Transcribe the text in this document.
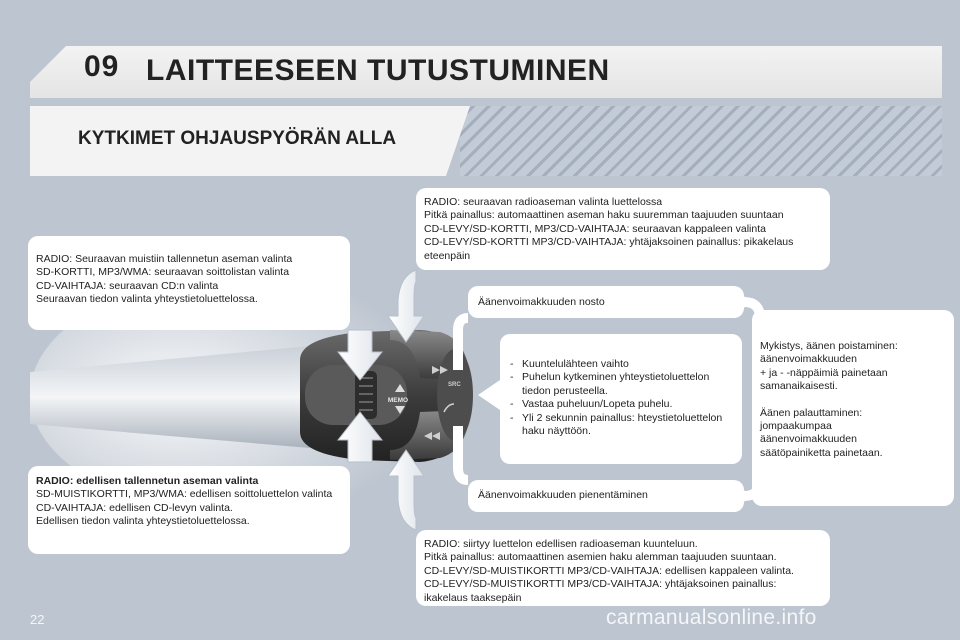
09 LAITTEESEEN TUTUSTUMINEN
KYTKIMET OHJAUSPYÖRÄN ALLA
MEMO
SRC

RADIO: Seuraavan muistiin tallennetun aseman valinta

SD-KORTTI, MP3/WMA: seuraavan soittolistan valinta

CD-VAIHTAJA: seuraavan CD:n valinta

Seuraavan tiedon valinta yhteystietoluettelossa.

RADIO: edellisen tallennetun aseman valinta

SD-MUISTIKORTTI, MP3/WMA: edellisen soittoluettelon valinta

CD-VAIHTAJA: edellisen CD-levyn valinta.

Edellisen tiedon valinta yhteystietoluettelossa.

RADIO: seuraavan radioaseman valinta luettelossa

Pitkä painallus: automaattinen aseman haku suuremman taajuuden suuntaan

CD-LEVY/SD-KORTTI, MP3/CD-VAIHTAJA: seuraavan kappaleen valinta

CD-LEVY/SD-KORTTI MP3/CD-VAIHTAJA: yhtäjaksoinen painallus: pikakelaus eteenpäin

Äänenvoimakkuuden nosto

- Kuuntelulähteen vaihto
- Puhelun kytkeminen yhteystietoluettelon tiedon perusteella.
- Vastaa puheluun/Lopeta puhelu.
- Yli 2 sekunnin painallus: hteystietoluettelon haku näyttöön.

Äänenvoimakkuuden pienentäminen

Mykistys, äänen poistaminen:

äänenvoimakkuuden

+ ja - -näppäimiä painetaan

samanaikaisesti.

Äänen palauttaminen:

jompaakumpaa

äänenvoimakkuuden

säätöpainiketta painetaan.

RADIO: siirtyy luettelon edellisen radioaseman kuunteluun.

Pitkä painallus: automaattinen asemien haku alemman taajuuden suuntaan.

CD-LEVY/SD-MUISTIKORTTI MP3/CD-VAIHTAJA: edellisen kappaleen valinta.

CD-LEVY/SD-MUISTIKORTTI MP3/CD-VAIHTAJA: yhtäjaksoinen painallus: ikakelaus taaksepäin

22	carmanualsonline.info
